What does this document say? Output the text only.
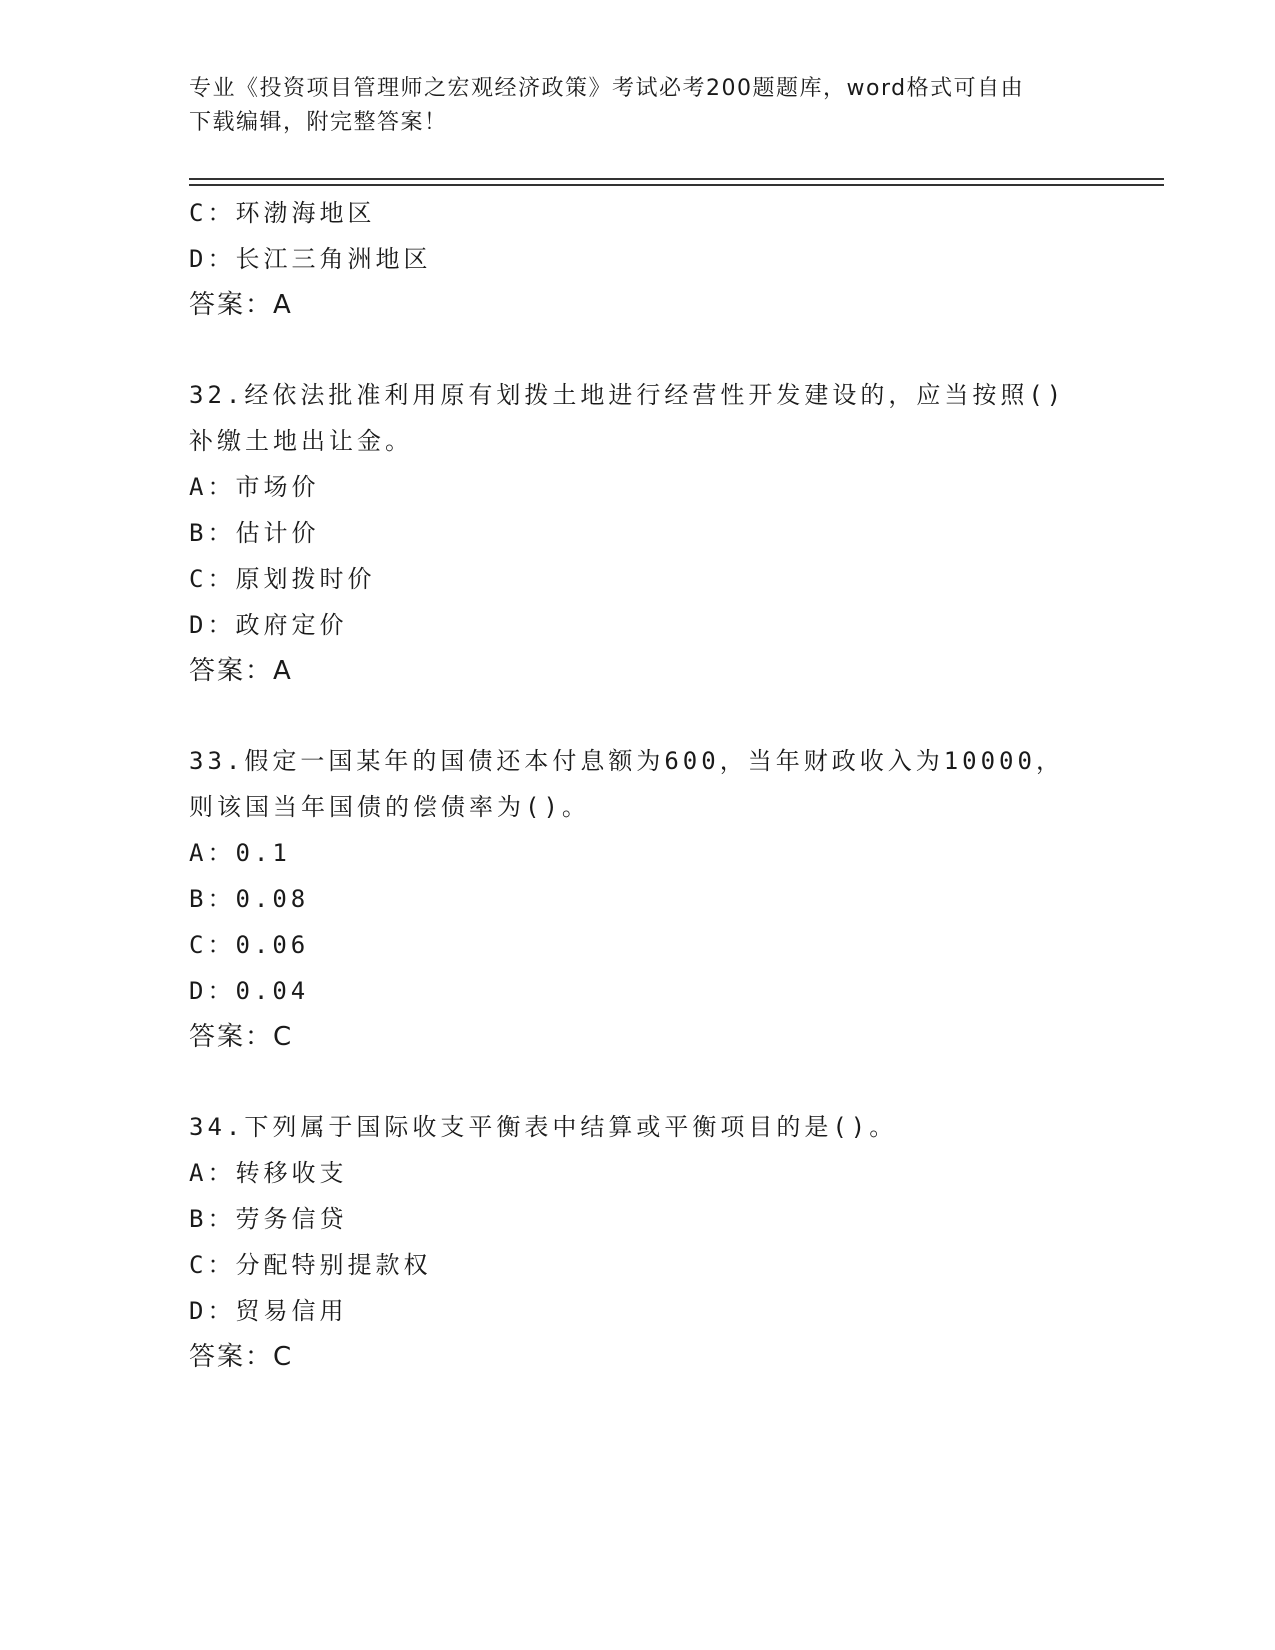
专业《投资项目管理师之宏观经济政策》考试必考200题题库，word格式可自由
下载编辑，附完整答案！
C：环渤海地区
D：长江三角洲地区
答案：A
32.经依法批准利用原有划拨土地进行经营性开发建设的，应当按照()
补缴土地出让金。
A：市场价
B：估计价
C：原划拨时价
D：政府定价
答案：A
33.假定一国某年的国债还本付息额为600，当年财政收入为10000，
则该国当年国债的偿债率为()。
A：0.1
B：0.08
C：0.06
D：0.04
答案：C
34.下列属于国际收支平衡表中结算或平衡项目的是()。
A：转移收支
B：劳务信贷
C：分配特别提款权
D：贸易信用
答案：C
